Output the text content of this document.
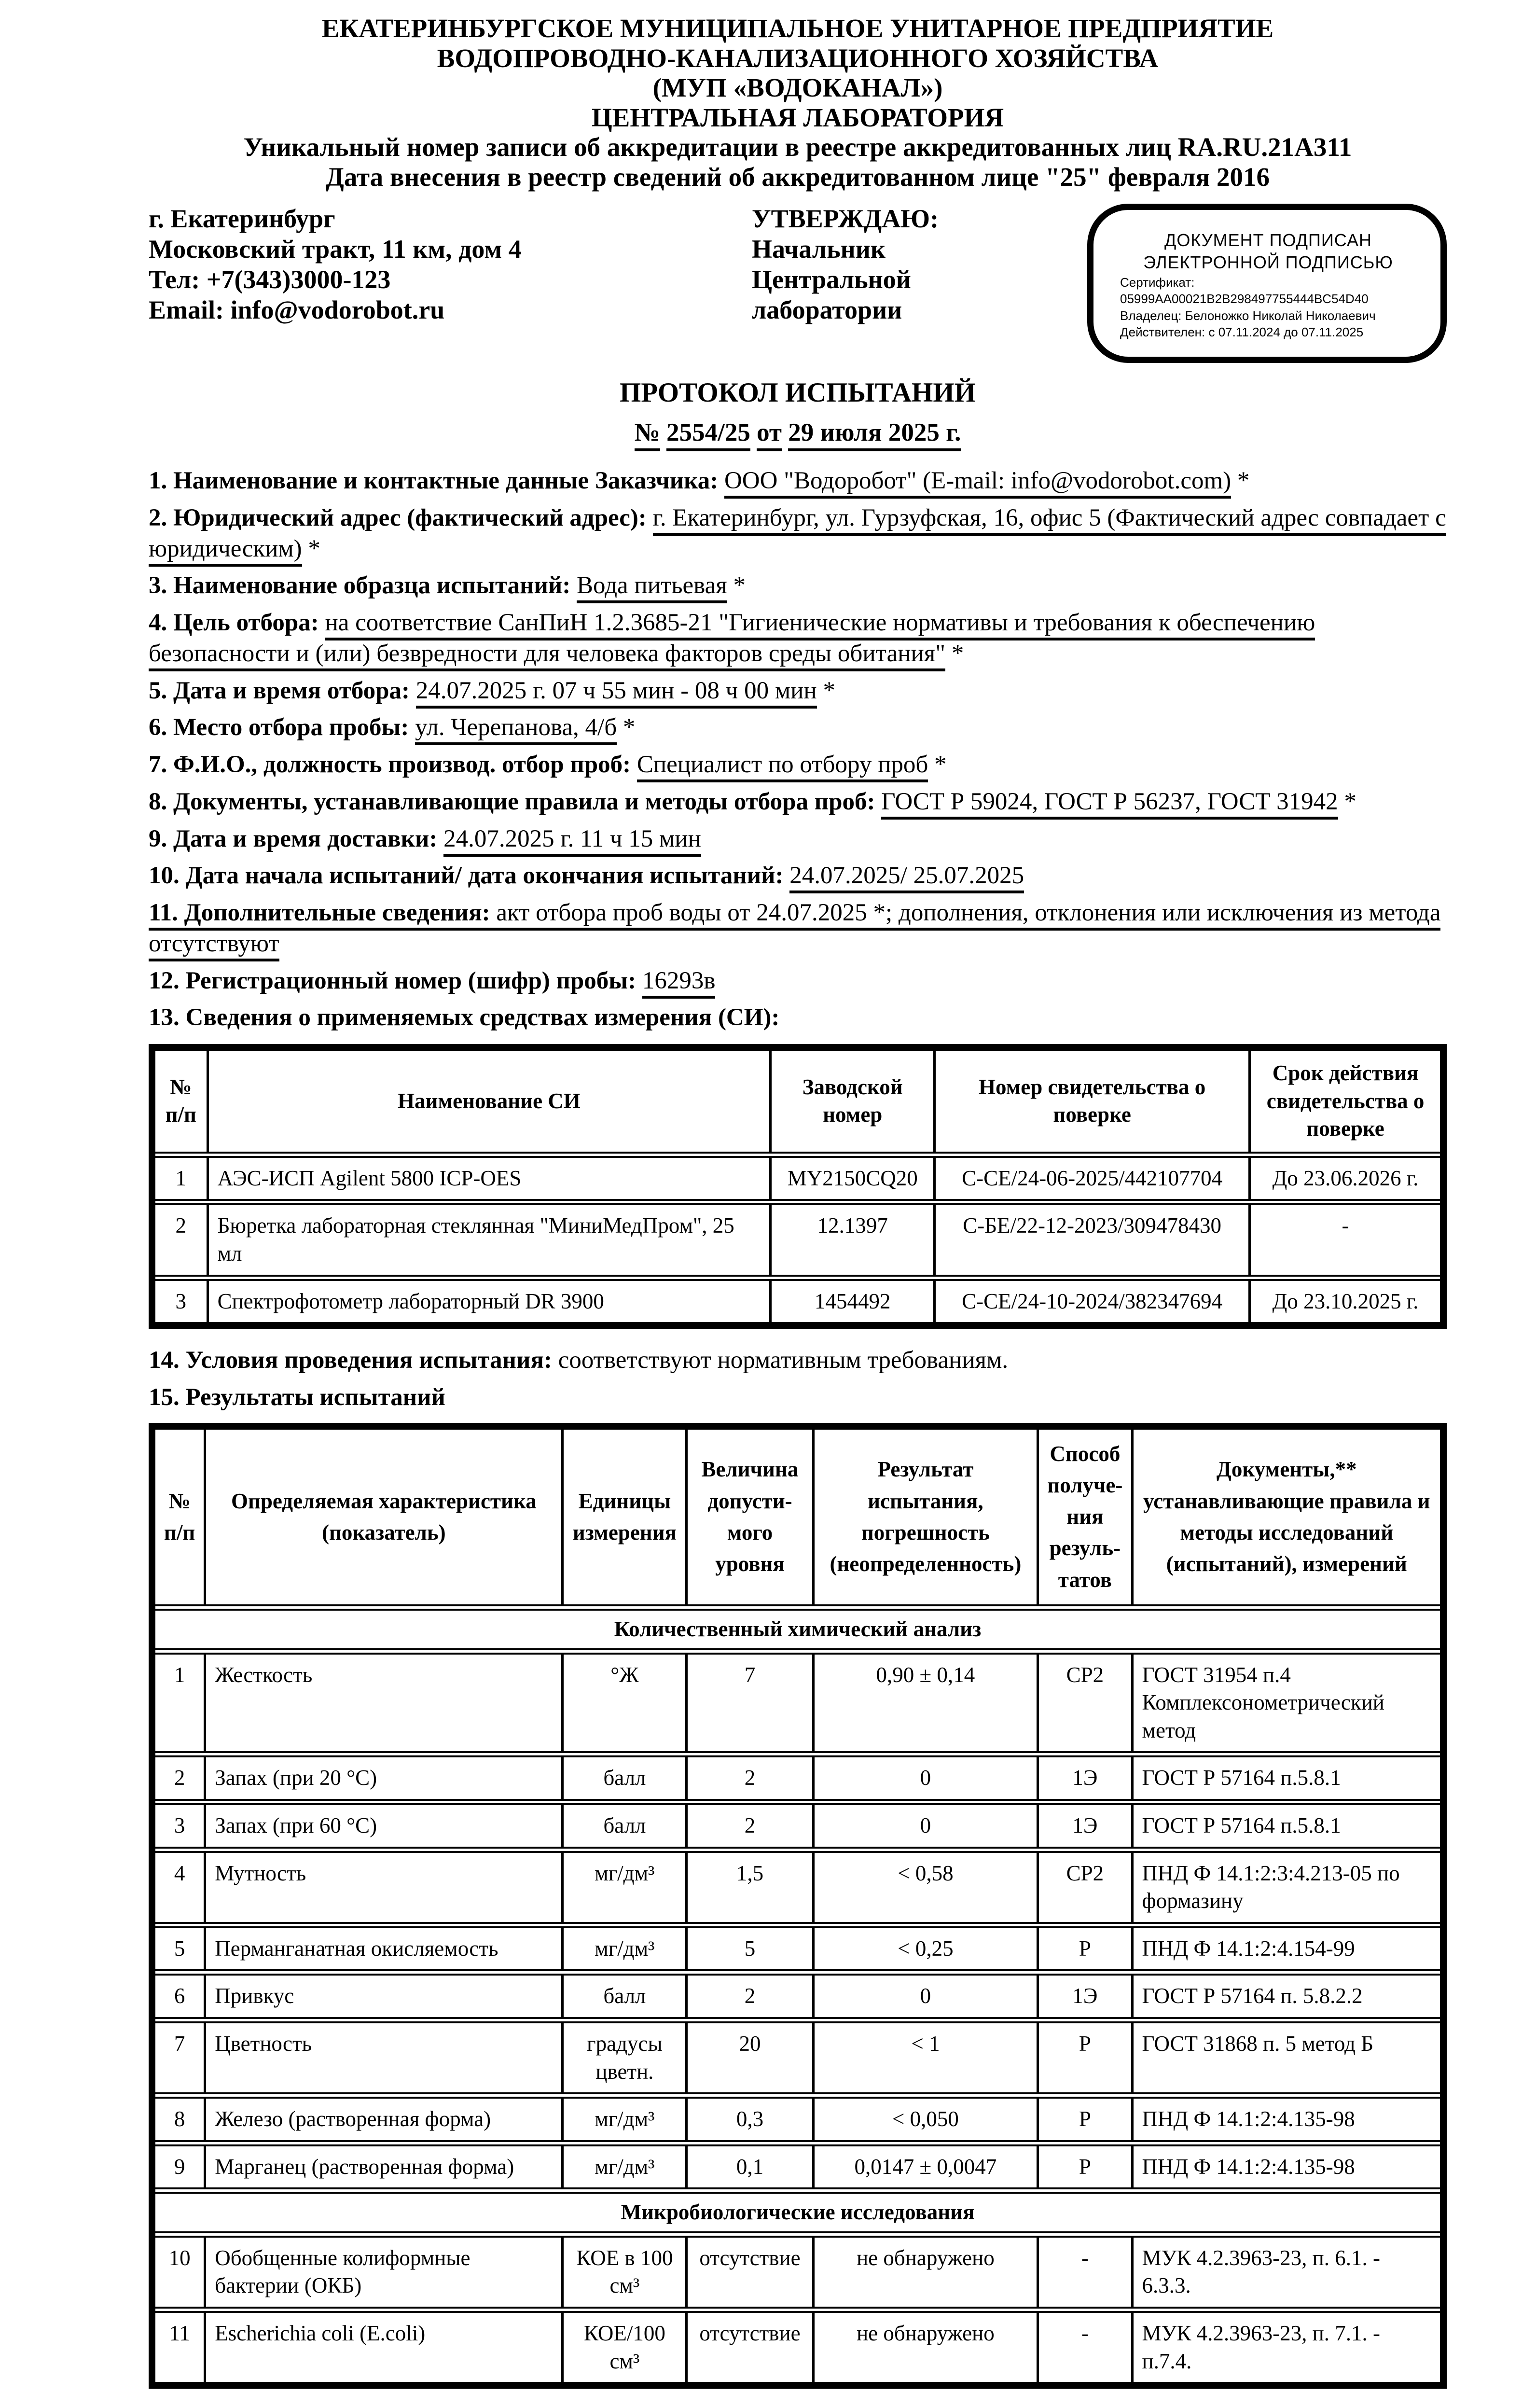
ЕКАТЕРИНБУРГСКОЕ МУНИЦИПАЛЬНОЕ УНИТАРНОЕ ПРЕДПРИЯТИЕ
ВОДОПРОВОДНО-КАНАЛИЗАЦИОННОГО ХОЗЯЙСТВА
(МУП «ВОДОКАНАЛ»)
ЦЕНТРАЛЬНАЯ ЛАБОРАТОРИЯ
Уникальный номер записи об аккредитации в реестре аккредитованных лиц RA.RU.21А311
Дата внесения в реестр сведений об аккредитованном лице "25" февраля 2016
г. Екатеринбург
Московский тракт, 11 км, дом 4
Тел: +7(343)3000-123
Email: info@vodorobot.ru
УТВЕРЖДАЮ:
Начальник Центральной
лаборатории
ДОКУМЕНТ ПОДПИСАН
ЭЛЕКТРОННОЙ ПОДПИСЬЮ
Сертификат: 05999AA00021B2B298497755444BC54D40
Владелец: Белоножко Николай Николаевич
Действителен: с 07.11.2024 до 07.11.2025
ПРОТОКОЛ ИСПЫТАНИЙ
№ 2554/25 от 29 июля 2025 г.

1. Наименование и контактные данные Заказчика: ООО "Водоробот" (E-mail: info@vodorobot.com) *

2. Юридический адрес (фактический адрес): г. Екатеринбург, ул. Гурзуфская, 16, офис 5 (Фактический адрес совпадает с юридическим) *

3. Наименование образца испытаний: Вода питьевая *

4. Цель отбора: на соответствие СанПиН 1.2.3685-21 "Гигиенические нормативы и требования к обеспечению безопасности и (или) безвредности для человека факторов среды обитания" *

5. Дата и время отбора: 24.07.2025 г. 07 ч 55 мин - 08 ч 00 мин *

6. Место отбора пробы: ул. Черепанова, 4/б *

7. Ф.И.О., должность производ. отбор проб: Специалист по отбору проб *

8. Документы, устанавливающие правила и методы отбора проб: ГОСТ Р 59024, ГОСТ Р 56237, ГОСТ 31942 *

9. Дата и время доставки: 24.07.2025 г. 11 ч 15 мин

10. Дата начала испытаний/ дата окончания испытаний: 24.07.2025/ 25.07.2025

11. Дополнительные сведения: акт отбора проб воды от 24.07.2025 *; дополнения, отклонения или исключения из метода отсутствуют

12. Регистрационный номер (шифр) пробы: 16293в

13. Сведения о применяемых средствах измерения (СИ):

№ п/п	Наименование СИ	Заводской номер	Номер свидетельства о поверке	Срок действия свидетельства о поверке
1	АЭС-ИСП Agilent 5800 ICP-OES	MY2150CQ20	С-СЕ/24-06-2025/442107704	До 23.06.2026 г.
2	Бюретка лабораторная стеклянная "МиниМедПром", 25 мл	12.1397	С-БЕ/22-12-2023/309478430	-
3	Спектрофотометр лабораторный DR 3900	1454492	С-СЕ/24-10-2024/382347694	До 23.10.2025 г.

14. Условия проведения испытания: соответствуют нормативным требованиям.

15. Результаты испытаний

№ п/п	Определяемая характеристика (показатель)	Единицы измерения	Величина допусти-мого уровня	Результат испытания, погрешность (неопределенность)	Способ получе-ния резуль-татов	Документы,** устанавливающие правила и методы исследований (испытаний), измерений
Количественный химический анализ						
1	Жесткость	°Ж	7	0,90 ± 0,14	СР2	ГОСТ 31954 п.4 Комплексонометрический метод
2	Запах (при 20 °С)	балл	2	0	1Э	ГОСТ Р 57164 п.5.8.1
3	Запах (при 60 °С)	балл	2	0	1Э	ГОСТ Р 57164 п.5.8.1
4	Мутность	мг/дм³	1,5	< 0,58	СР2	ПНД Ф 14.1:2:3:4.213-05 по формазину
5	Перманганатная окисляемость	мг/дм³	5	< 0,25	Р	ПНД Ф 14.1:2:4.154-99
6	Привкус	балл	2	0	1Э	ГОСТ Р 57164 п. 5.8.2.2
7	Цветность	градусы цветн.	20	< 1	Р	ГОСТ 31868 п. 5 метод Б
8	Железо (растворенная форма)	мг/дм³	0,3	< 0,050	Р	ПНД Ф 14.1:2:4.135-98
9	Марганец (растворенная форма)	мг/дм³	0,1	0,0147 ± 0,0047	Р	ПНД Ф 14.1:2:4.135-98
Микробиологические исследования						
10	Обобщенные колиформные бактерии (ОКБ)	КОЕ в 100 см³	отсутствие	не обнаружено	-	МУК 4.2.3963-23, п. 6.1. - 6.3.3.
11	Escherichia coli (E.coli)	КОЕ/100 см³	отсутствие	не обнаружено	-	МУК 4.2.3963-23, п. 7.1. - п.7.4.
